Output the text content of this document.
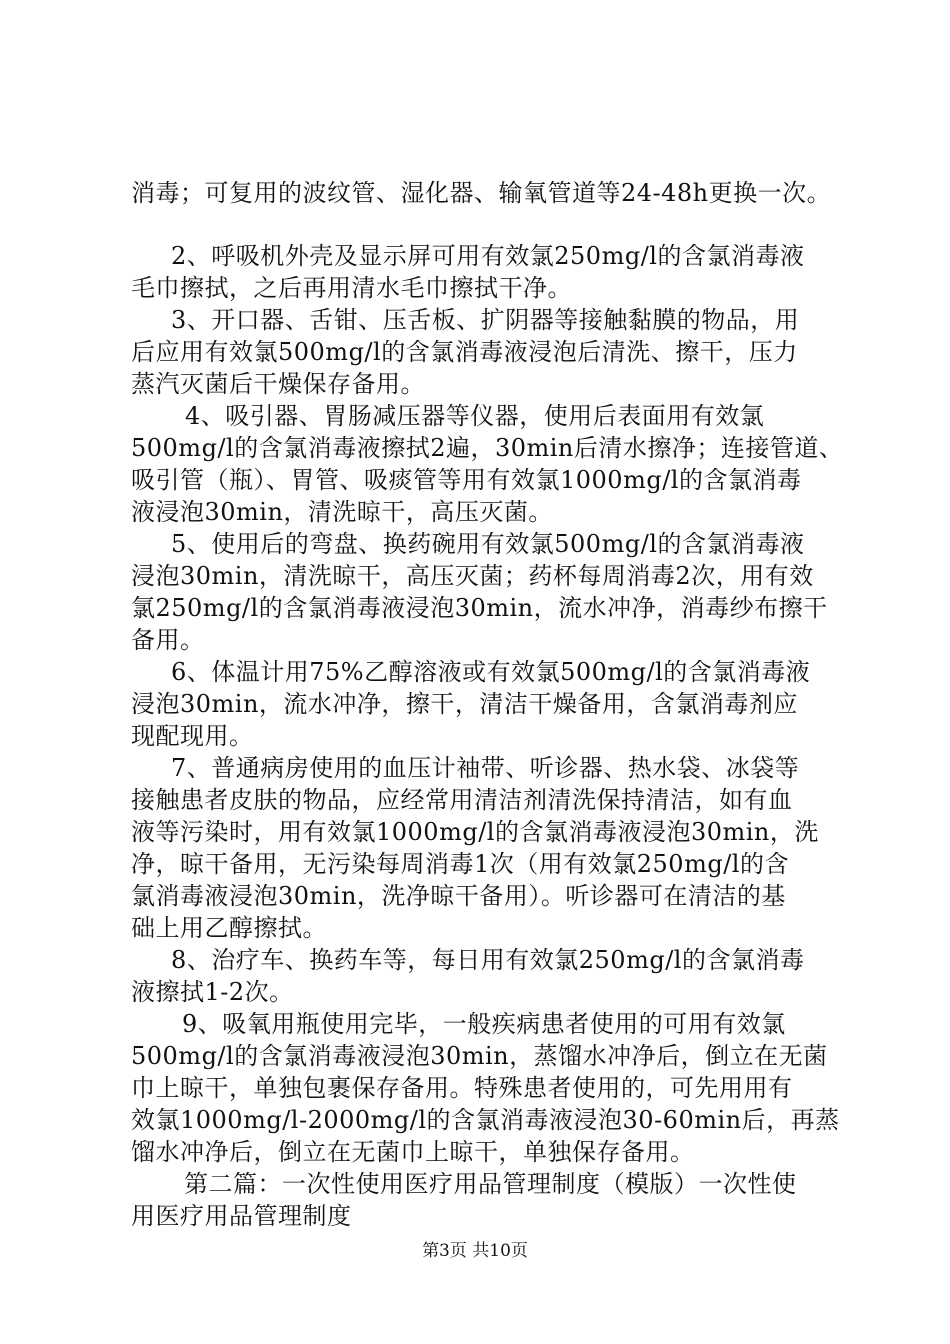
消毒；可复用的波纹管、湿化器、输氧管道等24-48h更换一次。
2、呼吸机外壳及显示屏可用有效氯250mg/l的含氯消毒液
毛巾擦拭，之后再用清水毛巾擦拭干净。
3、开口器、舌钳、压舌板、扩阴器等接触黏膜的物品，用
后应用有效氯500mg/l的含氯消毒液浸泡后清洗、擦干，压力
蒸汽灭菌后干燥保存备用。
4、吸引器、胃肠减压器等仪器，使用后表面用有效氯
500mg/l的含氯消毒液擦拭2遍，30min后清水擦净；连接管道、
吸引管（瓶）、胃管、吸痰管等用有效氯1000mg/l的含氯消毒
液浸泡30min，清洗晾干，高压灭菌。
5、使用后的弯盘、换药碗用有效氯500mg/l的含氯消毒液
浸泡30min，清洗晾干，高压灭菌；药杯每周消毒2次，用有效
氯250mg/l的含氯消毒液浸泡30min，流水冲净，消毒纱布擦干
备用。
6、体温计用75%乙醇溶液或有效氯500mg/l的含氯消毒液
浸泡30min，流水冲净，擦干，清洁干燥备用，含氯消毒剂应
现配现用。
7、普通病房使用的血压计袖带、听诊器、热水袋、冰袋等
接触患者皮肤的物品，应经常用清洁剂清洗保持清洁，如有血
液等污染时，用有效氯1000mg/l的含氯消毒液浸泡30min，洗
净，晾干备用，无污染每周消毒1次（用有效氯250mg/l的含
氯消毒液浸泡30min，洗净晾干备用）。听诊器可在清洁的基
础上用乙醇擦拭。
8、治疗车、换药车等，每日用有效氯250mg/l的含氯消毒
液擦拭1-2次。
9、吸氧用瓶使用完毕，一般疾病患者使用的可用有效氯
500mg/l的含氯消毒液浸泡30min，蒸馏水冲净后，倒立在无菌
巾上晾干，单独包裹保存备用。特殊患者使用的，可先用用有
效氯1000mg/l-2000mg/l的含氯消毒液浸泡30-60min后，再蒸
馏水冲净后，倒立在无菌巾上晾干，单独保存备用。
第二篇：一次性使用医疗用品管理制度（模版）一次性使
用医疗用品管理制度
第3页 共10页
